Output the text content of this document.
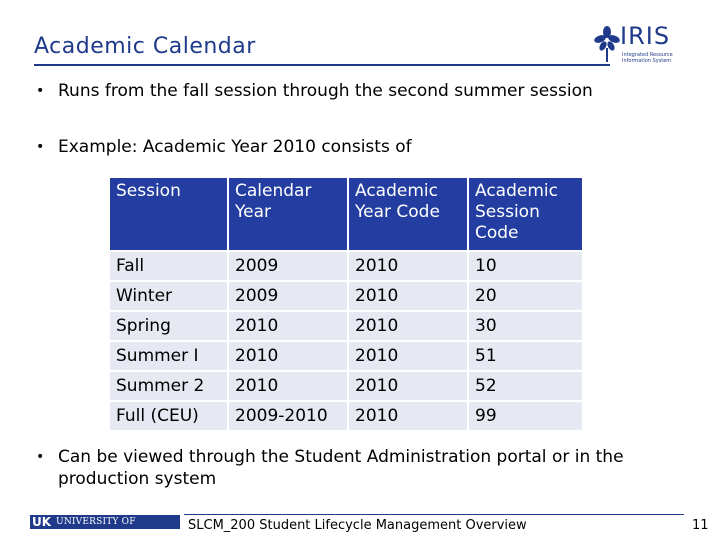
Academic Calendar	IRIS
Integrated Resource Information System
• Runs from the fall session through the second summer session
• Example: Academic Year 2010 consists of
Session	Calendar Year	Academic Year Code	Academic Session Code
Fall	2009	2010	10
Winter	2009	2010	20
Spring	2010	2010	30
Summer I	2010	2010	51
Summer 2	2010	2010	52
Full (CEU)	2009-2010	2010	99
• Can be viewed through the Student Administration portal or in the production system
UK UNIVERSITY OF KENTUCKY
SLCM_200 Student Lifecycle Management Overview	11
